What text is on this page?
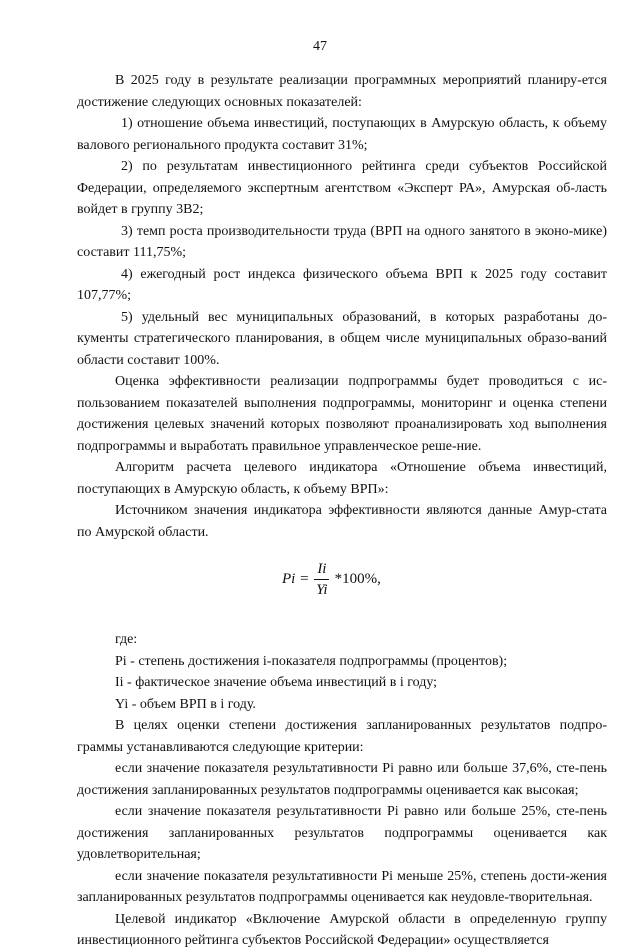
47

В 2025 году в результате реализации программных мероприятий планиру-ется достижение следующих основных показателей:

1) отношение объема инвестиций, поступающих в Амурскую область, к объему валового регионального продукта составит 31%;

2) по результатам инвестиционного рейтинга среди субъектов Российской Федерации, определяемого экспертным агентством «Эксперт РА», Амурская об-ласть войдет в группу 3В2;

3) темп роста производительности труда (ВРП на одного занятого в эконо-мике) составит 111,75%;

4) ежегодный рост индекса физического объема ВРП к 2025 году составит 107,77%;

5) удельный вес муниципальных образований, в которых разработаны до-кументы стратегического планирования, в общем числе муниципальных образо-ваний области составит 100%.

Оценка эффективности реализации подпрограммы будет проводиться с ис-пользованием показателей выполнения подпрограммы, мониторинг и оценка степени достижения целевых значений которых позволяют проанализировать ход выполнения подпрограммы и выработать правильное управленческое реше-ние.

Алгоритм расчета целевого индикатора «Отношение объема инвестиций, поступающих в Амурскую область, к объему ВРП»:

Источником значения индикатора эффективности являются данные Амур-стата по Амурской области.

$Pi = \frac{Ii}{Yi} *100\%$,

где:

Pi - степень достижения i-показателя подпрограммы (процентов);

Ii - фактическое значение объема инвестиций в i году;

Yi - объем ВРП в i году.

В целях оценки степени достижения запланированных результатов подпро-граммы устанавливаются следующие критерии:

если значение показателя результативности Pi равно или больше 37,6%, сте-пень достижения запланированных результатов подпрограммы оценивается как высокая;

если значение показателя результативности Pi равно или больше 25%, сте-пень достижения запланированных результатов подпрограммы оценивается как удовлетворительная;

если значение показателя результативности Pi меньше 25%, степень дости-жения запланированных результатов подпрограммы оценивается как неудовле-творительная.

Целевой индикатор «Включение Амурской области в определенную группу инвестиционного рейтинга субъектов Российской Федерации» осуществляется
